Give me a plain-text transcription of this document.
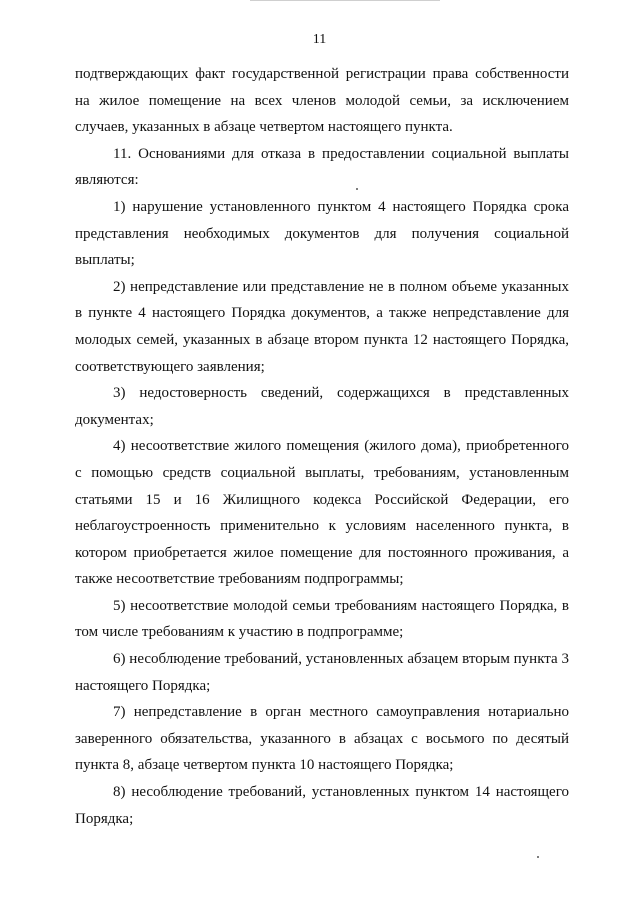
11

подтверждающих факт государственной регистрации права собственности на жилое помещение на всех членов молодой семьи, за исключением случаев, указанных в абзаце четвертом настоящего пункта.

11. Основаниями для отказа в предоставлении социальной выплаты являются:

1) нарушение установленного пунктом 4 настоящего Порядка срока представления необходимых документов для получения социальной выплаты;

2) непредставление или представление не в полном объеме указанных в пункте 4 настоящего Порядка документов, а также непредставление для молодых семей, указанных в абзаце втором пункта 12 настоящего Порядка, соответствующего заявления;

3) недостоверность сведений, содержащихся в представленных документах;

4) несоответствие жилого помещения (жилого дома), приобретенного с помощью средств социальной выплаты, требованиям, установленным статьями 15 и 16 Жилищного кодекса Российской Федерации, его неблагоустроенность применительно к условиям населенного пункта, в котором приобретается жилое помещение для постоянного проживания, а также несоответствие требованиям подпрограммы;

5) несоответствие молодой семьи требованиям настоящего Порядка, в том числе требованиям к участию в подпрограмме;

6) несоблюдение требований, установленных абзацем вторым пункта 3 настоящего Порядка;

7) непредставление в орган местного самоуправления нотариально заверенного обязательства, указанного в абзацах с восьмого по десятый пункта 8, абзаце четвертом пункта 10 настоящего Порядка;

8) несоблюдение требований, установленных пунктом 14 настоящего Порядка;
